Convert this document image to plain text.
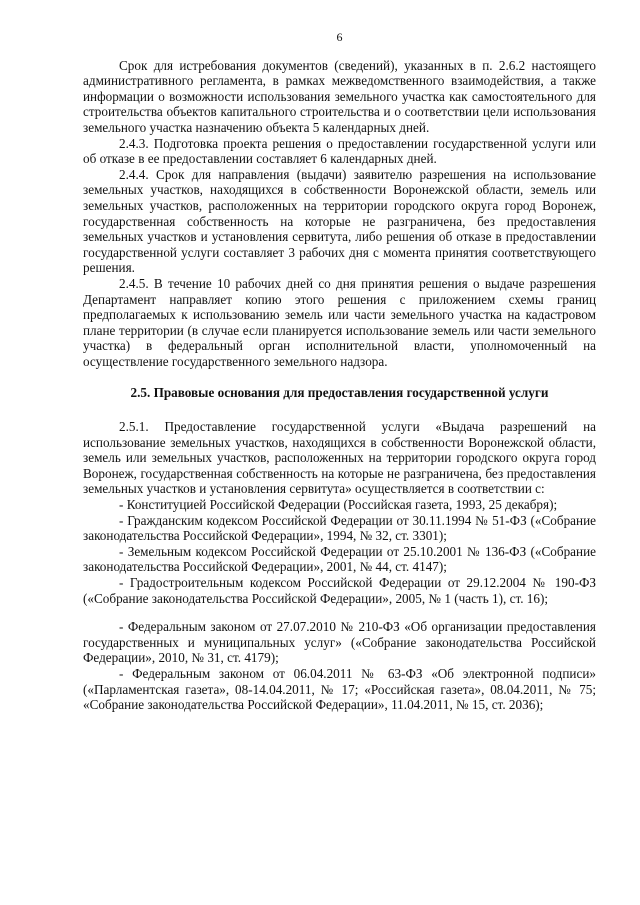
6
Срок для истребования документов (сведений), указанных в п. 2.6.2 настоящего административного регламента, в рамках межведомственного взаимодействия, а также информации о возможности использования земельного участка как самостоятельного для строительства объектов капитального строительства и о соответствии цели использования земельного участка назначению объекта 5 календарных дней.
2.4.3. Подготовка проекта решения о предоставлении государственной услуги или об отказе в ее предоставлении составляет 6 календарных дней.
2.4.4. Срок для направления (выдачи) заявителю разрешения на использование земельных участков, находящихся в собственности Воронежской области, земель или земельных участков, расположенных на территории городского округа город Воронеж, государственная собственность на которые не разграничена, без предоставления земельных участков и установления сервитута, либо решения об отказе в предоставлении государственной услуги составляет 3 рабочих дня с момента принятия соответствующего решения.
2.4.5. В течение 10 рабочих дней со дня принятия решения о выдаче разрешения Департамент направляет копию этого решения с приложением схемы границ предполагаемых к использованию земель или части земельного участка на кадастровом плане территории (в случае если планируется использование земель или части земельного участка) в федеральный орган исполнительной власти, уполномоченный на осуществление государственного земельного надзора.
2.5. Правовые основания для предоставления государственной услуги
2.5.1. Предоставление государственной услуги «Выдача разрешений на использование земельных участков, находящихся в собственности Воронежской области, земель или земельных участков, расположенных на территории городского округа город Воронеж, государственная собственность на которые не разграничена, без предоставления земельных участков и установления сервитута» осуществляется в соответствии с:
- Конституцией Российской Федерации (Российская газета, 1993, 25 декабря);
- Гражданским кодексом Российской Федерации от 30.11.1994 № 51-ФЗ («Собрание законодательства Российской Федерации», 1994, № 32, ст. 3301);
- Земельным кодексом Российской Федерации от 25.10.2001 № 136-ФЗ («Собрание законодательства Российской Федерации», 2001, № 44, ст. 4147);
- Градостроительным кодексом Российской Федерации от 29.12.2004 № 190-ФЗ («Собрание законодательства Российской Федерации», 2005, № 1 (часть 1), ст. 16);
- Федеральным законом от 27.07.2010 № 210-ФЗ «Об организации предоставления государственных и муниципальных услуг» («Собрание законодательства Российской Федерации», 2010, № 31, ст. 4179);
- Федеральным законом от 06.04.2011 № 63-ФЗ «Об электронной подписи» («Парламентская газета», 08-14.04.2011, № 17; «Российская газета», 08.04.2011, № 75; «Собрание законодательства Российской Федерации», 11.04.2011, № 15, ст. 2036);
